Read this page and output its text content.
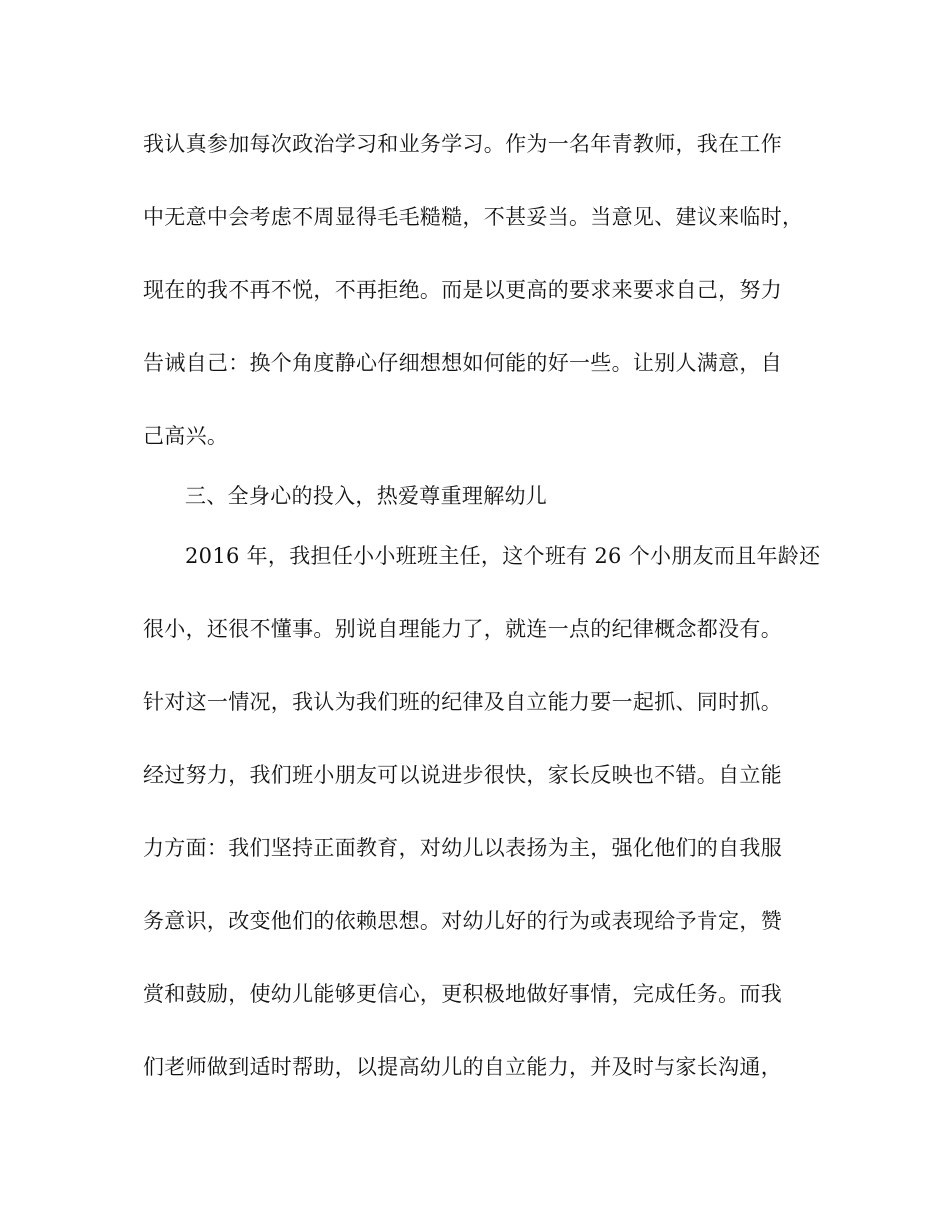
我认真参加每次政治学习和业务学习。作为一名年青教师，我在工作
中无意中会考虑不周显得毛毛糙糙，不甚妥当。当意见、建议来临时，
现在的我不再不悦，不再拒绝。而是以更高的要求来要求自己，努力
告诫自己：换个角度静心仔细想想如何能的好一些。让别人满意，自
己高兴。
三、全身心的投入，热爱尊重理解幼儿
2016 年，我担任小小班班主任，这个班有 26 个小朋友而且年龄还
很小，还很不懂事。别说自理能力了，就连一点的纪律概念都没有。
针对这一情况，我认为我们班的纪律及自立能力要一起抓、同时抓。
经过努力，我们班小朋友可以说进步很快，家长反映也不错。自立能
力方面：我们坚持正面教育，对幼儿以表扬为主，强化他们的自我服
务意识，改变他们的依赖思想。对幼儿好的行为或表现给予肯定，赞
赏和鼓励，使幼儿能够更信心，更积极地做好事情，完成任务。而我
们老师做到适时帮助，以提高幼儿的自立能力，并及时与家长沟通，
